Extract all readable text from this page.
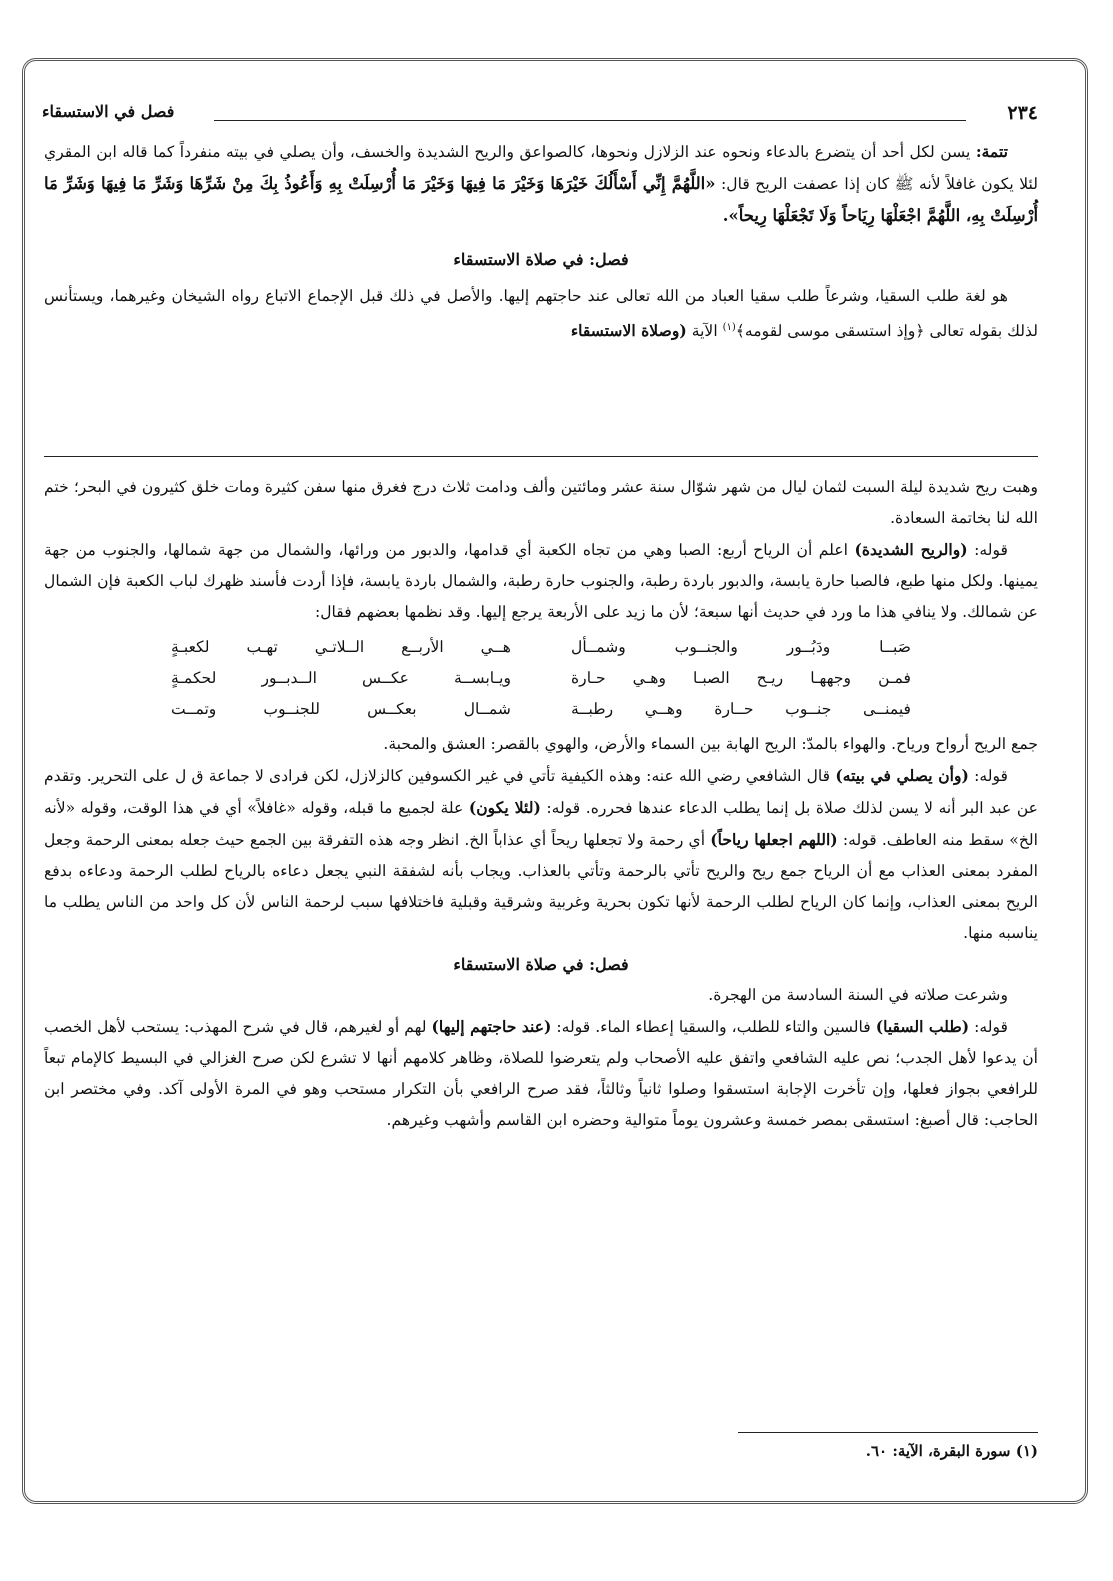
٢٣٤
فصل في الاستسقاء

تتمة: يسن لكل أحد أن يتضرع بالدعاء ونحوه عند الزلازل ونحوها، كالصواعق والريح الشديدة والخسف، وأن يصلي في بيته منفرداً كما قاله ابن المقري لئلا يكون غافلاً لأنه ﷺ كان إذا عصفت الريح قال: «اللَّهُمَّ إِنِّي أَسْأَلُكَ خَيْرَهَا وَخَيْرَ مَا فِيهَا وَخَيْرَ مَا أُرْسِلَتْ بِهِ وَأَعُوذُ بِكَ مِنْ شَرِّهَا وَشَرِّ مَا فِيهَا وَشَرِّ مَا أُرْسِلَتْ بِهِ، اللَّهُمَّ اجْعَلْهَا رِيَاحاً وَلَا تَجْعَلْهَا رِيحاً».

فصل: في صلاة الاستسقاء

هو لغة طلب السقيا، وشرعاً طلب سقيا العباد من الله تعالى عند حاجتهم إليها. والأصل في ذلك قبل الإجماع الاتباع رواه الشيخان وغيرهما، ويستأنس لذلك بقوله تعالى ﴿وإذ استسقى موسى لقومه﴾$^{(١)}$ الآية (وصلاة الاستسقاء

وهبت ريح شديدة ليلة السبت لثمان ليال من شهر شوّال سنة عشر ومائتين وألف ودامت ثلاث درج فغرق منها سفن كثيرة ومات خلق كثيرون في البحر؛ ختم الله لنا بخاتمة السعادة.

قوله: (والريح الشديدة) اعلم أن الرياح أربع: الصبا وهي من تجاه الكعبة أي قدامها، والدبور من ورائها، والشمال من جهة شمالها، والجنوب من جهة يمينها. ولكل منها طبع، فالصبا حارة يابسة، والدبور باردة رطبة، والجنوب حارة رطبة، والشمال باردة يابسة، فإذا أردت فأسند ظهرك لباب الكعبة فإن الشمال عن شمالك. ولا ينافي هذا ما ورد في حديث أنها سبعة؛ لأن ما زيد على الأربعة يرجع إليها. وقد نظمها بعضهم فقال:

صَبــا ودَبُــور والجنــوب وشمــأل
هــي الأربــع الــلاتـي تهـب لكعبـةٍ
فمـن وجههـا ريـح الصبـا وهـي حـارة
ويـابســة عكــس الــدبــور لحكمـةٍ
فيمنــى جنــوب حــارة وهــي رطبــة
شمــال بعكــس للجنــوب وتمــت

جمع الريح أرواح ورياح. والهواء بالمدّ: الريح الهابة بين السماء والأرض، والهوي بالقصر: العشق والمحبة.

قوله: (وأن يصلي في بيته) قال الشافعي رضي الله عنه: وهذه الكيفية تأتي في غير الكسوفين كالزلازل، لكن فرادى لا جماعة ق ل على التحرير. وتقدم عن عبد البر أنه لا يسن لذلك صلاة بل إنما يطلب الدعاء عندها فحرره. قوله: (لئلا يكون) علة لجميع ما قبله، وقوله «غافلاً» أي في هذا الوقت، وقوله «لأنه الخ» سقط منه العاطف. قوله: (اللهم اجعلها رياحاً) أي رحمة ولا تجعلها ريحاً أي عذاباً الخ. انظر وجه هذه التفرقة بين الجمع حيث جعله بمعنى الرحمة وجعل المفرد بمعنى العذاب مع أن الرياح جمع ريح والريح تأتي بالرحمة وتأتي بالعذاب. ويجاب بأنه لشفقة النبي يجعل دعاءه بالرياح لطلب الرحمة ودعاءه بدفع الريح بمعنى العذاب، وإنما كان الرياح لطلب الرحمة لأنها تكون بحرية وغربية وشرقية وقبلية فاختلافها سبب لرحمة الناس لأن كل واحد من الناس يطلب ما يناسبه منها.

فصل: في صلاة الاستسقاء

وشرعت صلاته في السنة السادسة من الهجرة.

قوله: (طلب السقيا) فالسين والتاء للطلب، والسقيا إعطاء الماء. قوله: (عند حاجتهم إليها) لهم أو لغيرهم، قال في شرح المهذب: يستحب لأهل الخصب أن يدعوا لأهل الجدب؛ نص عليه الشافعي واتفق عليه الأصحاب ولم يتعرضوا للصلاة، وظاهر كلامهم أنها لا تشرع لكن صرح الغزالي في البسيط كالإمام تبعاً للرافعي بجواز فعلها، وإن تأخرت الإجابة استسقوا وصلوا ثانياً وثالثاً، فقد صرح الرافعي بأن التكرار مستحب وهو في المرة الأولى آكد. وفي مختصر ابن الحاجب: قال أصبغ: استسقى بمصر خمسة وعشرون يوماً متوالية وحضره ابن القاسم وأشهب وغيرهم.

(١) سورة البقرة، الآية: ٦٠.
